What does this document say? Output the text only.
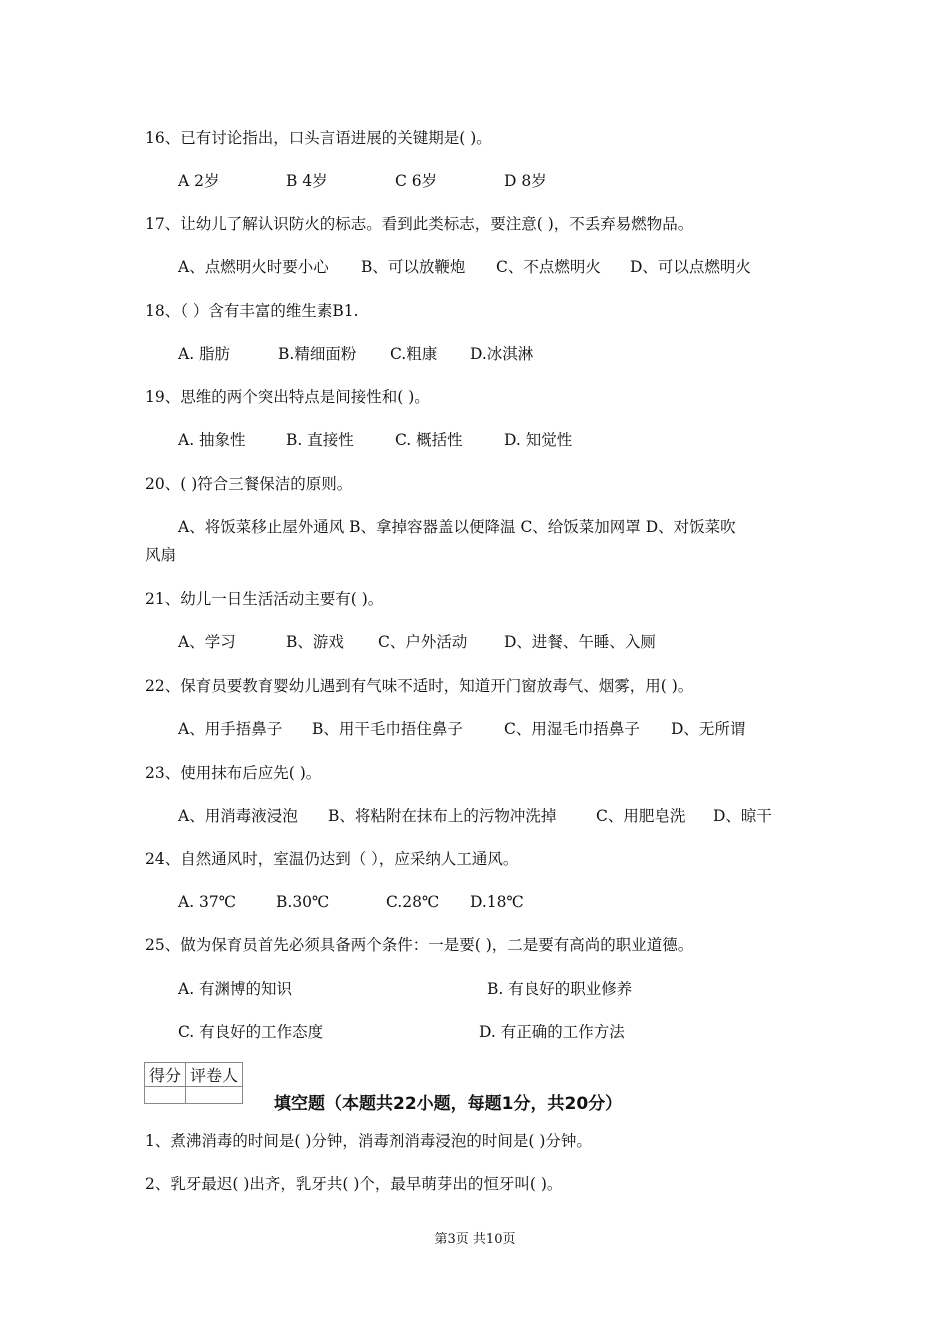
16、已有讨论指出，口头言语进展的关键期是( )。
A 2岁	B 4岁	C 6岁	D 8岁
17、让幼儿了解认识防火的标志。看到此类标志，要注意( )，不丢弃易燃物品。
A、点燃明火时要小心	B、可以放鞭炮	C、不点燃明火	D、可以点燃明火
18、（ ）含有丰富的维生素B1.
A. 脂肪	B.精细面粉	C.粗康	D.冰淇淋
19、思维的两个突出特点是间接性和( )。
A. 抽象性	B. 直接性	C. 概括性	D. 知觉性
20、( )符合三餐保洁的原则。
A、将饭菜移止屋外通风 B、拿掉容器盖以便降温 C、给饭菜加网罩 D、对饭菜吹
风扇
21、幼儿一日生活活动主要有( )。
A、学习	B、游戏	C、户外活动	D、进餐、午睡、入厕
22、保育员要教育婴幼儿遇到有气味不适时，知道开门窗放毒气、烟雾，用( )。
A、用手捂鼻子	B、用干毛巾捂住鼻子	C、用湿毛巾捂鼻子	D、无所谓
23、使用抹布后应先( )。
A、用消毒液浸泡	B、将粘附在抹布上的污物冲洗掉	C、用肥皂洗	D、晾干
24、自然通风时，室温仍达到（ ），应采纳人工通风。
A. 37℃	B.30℃	C.28℃	D.18℃
25、做为保育员首先必须具备两个条件：一是要( )，二是要有高尚的职业道德。
A. 有渊博的知识	B. 有良好的职业修养
C. 有良好的工作态度	D. 有正确的工作方法
得分	评卷人

填空题（本题共22小题，每题1分，共20分）
1、煮沸消毒的时间是( )分钟，消毒剂消毒浸泡的时间是( )分钟。
2、乳牙最迟( )出齐，乳牙共( )个，最早萌芽出的恒牙叫( )。
第3页 共10页
